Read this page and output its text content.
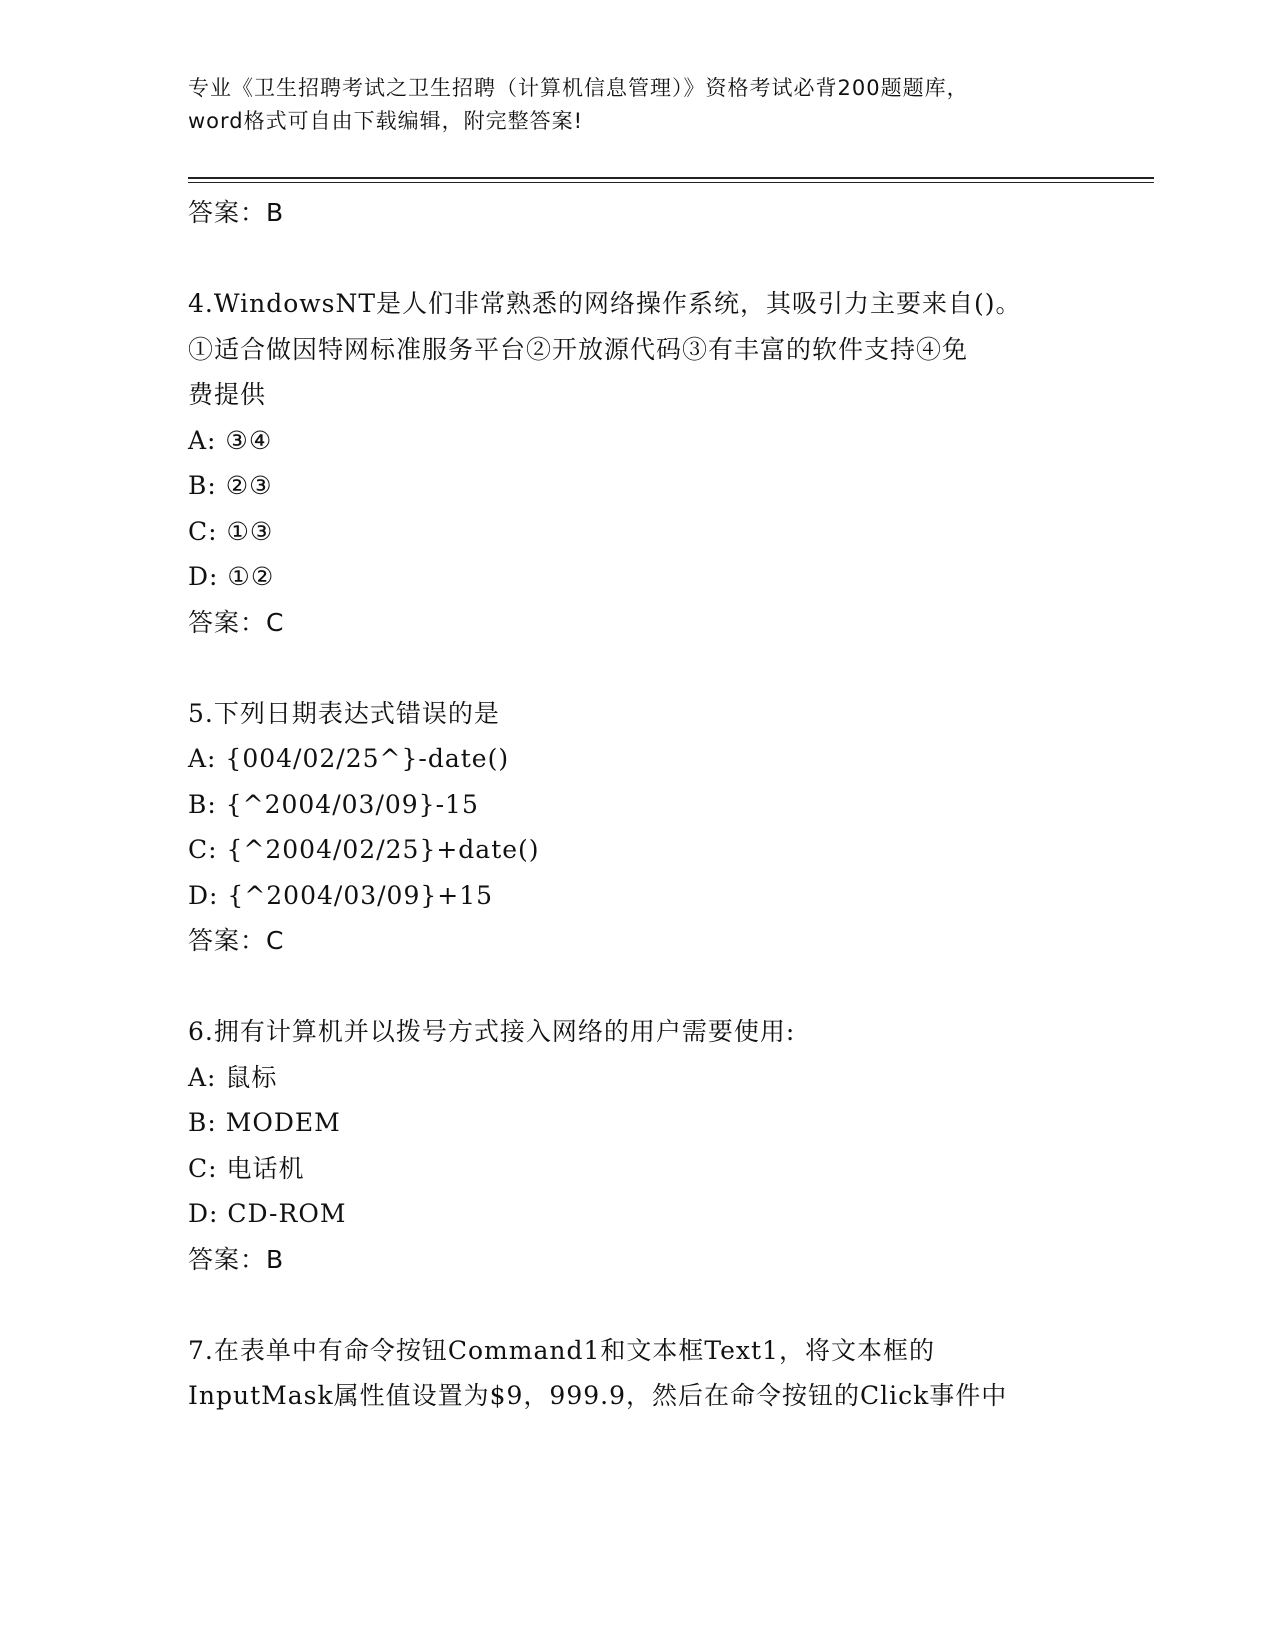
专业《卫生招聘考试之卫生招聘（计算机信息管理）》资格考试必背200题题库，
word格式可自由下载编辑，附完整答案!
答案：B
4.WindowsNT是人们非常熟悉的网络操作系统，其吸引力主要来自()。
①适合做因特网标准服务平台②开放源代码③有丰富的软件支持④免
费提供
A: ③④
B: ②③
C: ①③
D: ①②
答案：C
5.下列日期表达式错误的是
A: {004/02/25^}-date()
B: {^2004/03/09}-15
C: {^2004/02/25}+date()
D: {^2004/03/09}+15
答案：C
6.拥有计算机并以拨号方式接入网络的用户需要使用:
A: 鼠标
B: MODEM
C: 电话机
D: CD-ROM
答案：B
7.在表单中有命令按钮Command1和文本框Text1，将文本框的
InputMask属性值设置为$9，999.9，然后在命令按钮的Click事件中
